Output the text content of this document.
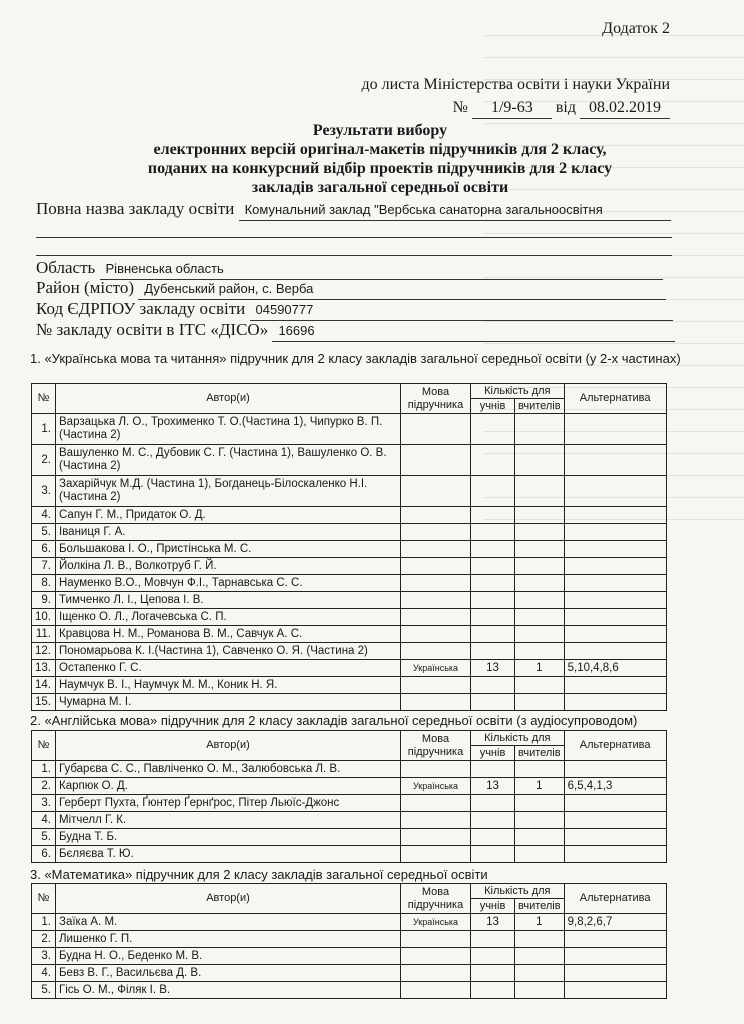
Додаток 2
до листа Міністерства освіти і науки України
№ 1/9-63 від 08.02.2019
Результати вибору
електронних версій оригінал-макетів підручників для 2 класу,
поданих на конкурсний відбір проектів підручників для 2 класу
закладів загальної середньої освіти
Повна назва закладу освіти Комунальний заклад "Вербська санаторна загальноосвітня
Область Рівненська область
Район (місто) Дубенський район, с. Верба
Код ЄДРПОУ закладу освіти 04590777
№ закладу освіти в ІТС «ДІСО» 16696
1. «Українська мова та читання» підручник для 2 класу закладів загальної середньої освіти (у 2-х частинах)
2. «Англійська мова» підручник для 2 класу закладів загальної середньої освіти (з аудіосупроводом)
3. «Математика» підручник для 2 класу закладів загальної середньої освіти
№	Автор(и)	Мова підручника	Кількість для		Альтернатива
			учнів	вчителів	
1.	Варзацька Л. О., Трохименко Т. О.(Частина 1), Чипурко В. П. (Частина 2)				
2.	Вашуленко М. С., Дубовик С. Г. (Частина 1), Вашуленко О. В. (Частина 2)				
3.	Захарійчук М.Д. (Частина 1), Богданець-Білоскаленко Н.І. (Частина 2)				
4.	Сапун Г. М., Придаток О. Д.				
5.	Іваниця Г. А.				
6.	Большакова І. О., Пристінська М. С.				
7.	Йолкіна Л. В., Волкотруб Г. Й.				
8.	Науменко В.О., Мовчун Ф.І., Тарнавська С. С.				
9.	Тимченко Л. І., Цепова І. В.				
10.	Іщенко О. Л., Логачевська С. П.				
11.	Кравцова Н. М., Романова В. М., Савчук А. С.				
12.	Пономарьова К. І.(Частина 1), Савченко О. Я. (Частина 2)				
13.	Остапенко Г. С.	Українська	13	1	5,10,4,8,6
14.	Наумчук В. І., Наумчук М. М., Коник Н. Я.				
15.	Чумарна М. І.				
№	Автор(и)	Мова підручника	Кількість для		Альтернатива
			учнів	вчителів	
1.	Губарєва С. С., Павліченко О. М., Залюбовська Л. В.				
2.	Карпюк О. Д.	Українська	13	1	6,5,4,1,3
3.	Герберт Пухта, Ґюнтер Ґернґрос, Пітер Льюїс-Джонс				
4.	Мітчелл Г. К.				
5.	Будна Т. Б.				
6.	Бєляєва Т. Ю.				
№	Автор(и)	Мова підручника	Кількість для		Альтернатива
			учнів	вчителів	
1.	Заїка А. М.	Українська	13	1	9,8,2,6,7
2.	Лишенко Г. П.				
3.	Будна Н. О., Беденко М. В.				
4.	Бевз В. Г., Васильєва Д. В.				
5.	Гісь О. М., Філяк І. В.				
